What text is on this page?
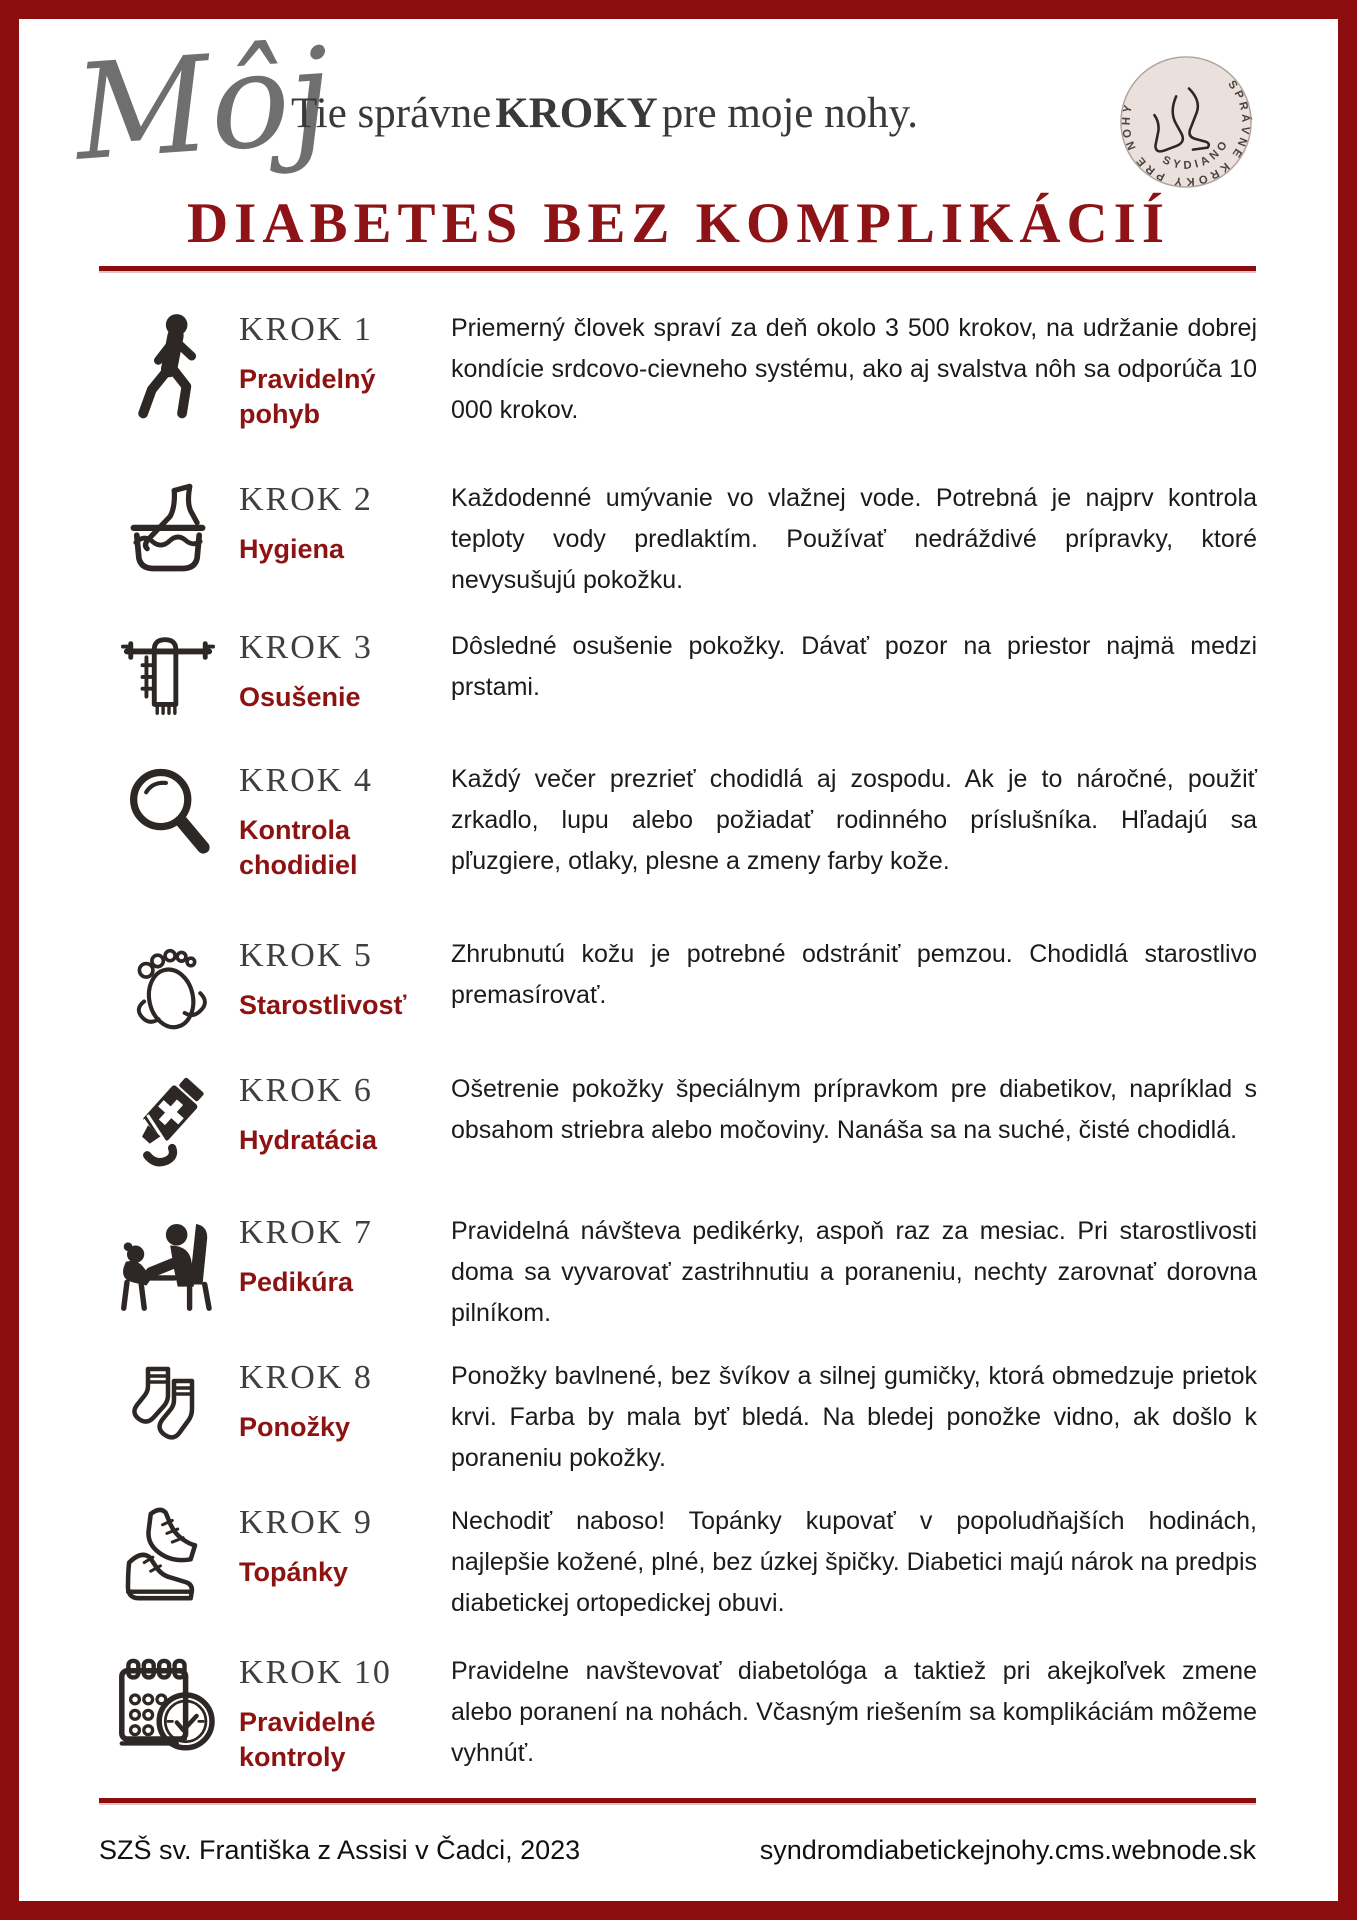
Môj
Tie správneKROKYpre moje nohy.
SPRÁVNE KROKY PRE NOHY
SYDIANO
DIABETES BEZ KOMPLIKÁCIÍ
KROK 1
Pravidelný pohyb
Priemerný človek spraví za deň okolo 3 500 krokov, na udržanie dobrej kondície srdcovo-cievneho systému, ako aj svalstva nôh sa odporúča 10 000 krokov.
KROK 2
Hygiena
Každodenné umývanie vo vlažnej vode. Potrebná je najprv kontrola teploty vody predlaktím. Používať nedráždivé prípravky, ktoré nevysušujú pokožku.
KROK 3
Osušenie
Dôsledné osušenie pokožky. Dávať pozor na priestor najmä medzi prstami.
KROK 4
Kontrola chodidiel
Každý večer prezrieť chodidlá aj zospodu. Ak je to náročné, použiť zrkadlo, lupu alebo požiadať rodinného príslušníka. Hľadajú sa pľuzgiere, otlaky, plesne a zmeny farby kože.
KROK 5
Starostlivosť
Zhrubnutú kožu je potrebné odstrániť pemzou. Chodidlá starostlivo premasírovať.
KROK 6
Hydratácia
Ošetrenie pokožky špeciálnym prípravkom pre diabetikov, napríklad s obsahom striebra alebo močoviny. Nanáša sa na suché, čisté chodidlá.
KROK 7
Pedikúra
Pravidelná návšteva pedikérky, aspoň raz za mesiac. Pri starostlivosti doma sa vyvarovať zastrihnutiu a poraneniu, nechty zarovnať dorovna pilníkom.
KROK 8
Ponožky
Ponožky bavlnené, bez švíkov a silnej gumičky, ktorá obmedzuje prietok krvi. Farba by mala byť bledá. Na bledej ponožke vidno, ak došlo k poraneniu pokožky.
KROK 9
Topánky
Nechodiť naboso! Topánky kupovať v popoludňajších hodinách, najlepšie kožené, plné, bez úzkej špičky. Diabetici majú nárok na predpis diabetickej ortopedickej obuvi.
KROK 10
Pravidelné kontroly
Pravidelne navštevovať diabetológa a taktiež pri akejkoľvek zmene alebo poranení na nohách. Včasným riešením sa komplikáciám môžeme vyhnúť.
SZŠ sv. Františka z Assisi v Čadci, 2023	syndromdiabetickejnohy.cms.webnode.sk
